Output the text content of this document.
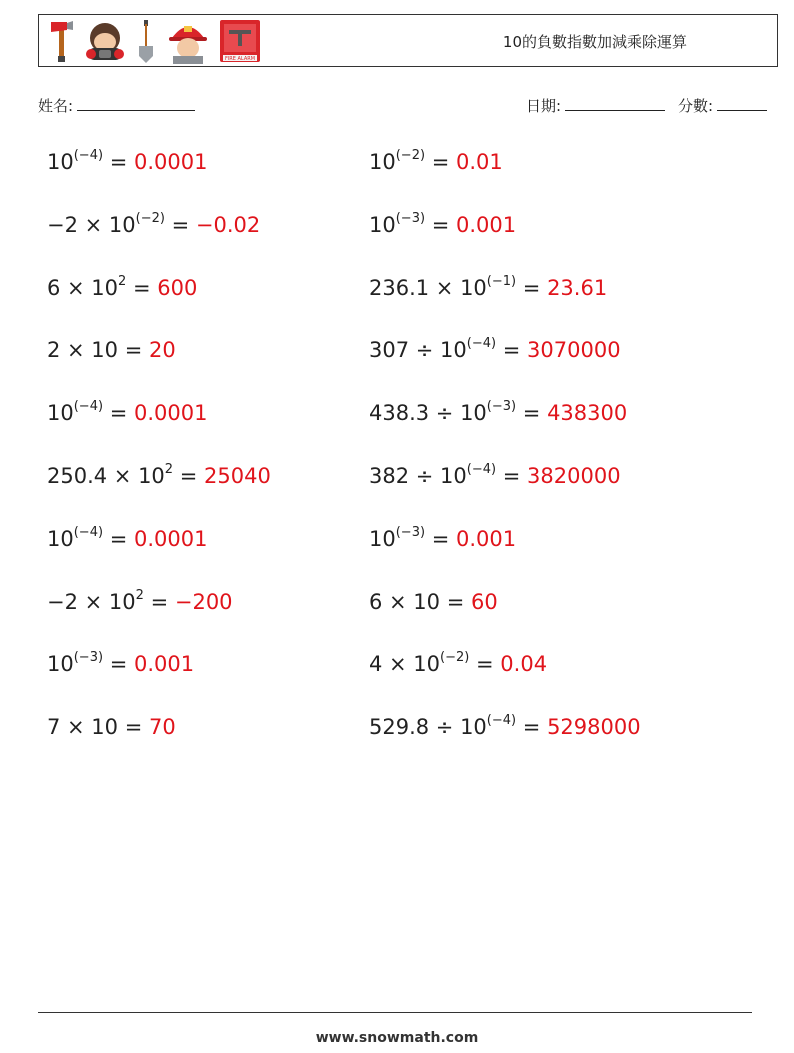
FIRE ALARM
10的負數指數加減乘除運算
姓名:	日期:	分數:
$10^{(-4)} = 0.0001$
$-2 \times 10^{(-2)} = -0.02$
$6 \times 10^2 = 600$
2 × 10 = 20
$10^{(-4)} = 0.0001$
$250.4 \times 10^2 = 25040$
$10^{(-4)} = 0.0001$
$-2 \times 10^2 = -200$
$10^{(-3)} = 0.001$
7 × 10 = 70
$10^{(-2)} = 0.01$
$10^{(-3)} = 0.001$
$236.1 \times 10^{(-1)} = 23.61$
$307 \div 10^{(-4)} = 3070000$
$438.3 \div 10^{(-3)} = 438300$
$382 \div 10^{(-4)} = 3820000$
$10^{(-3)} = 0.001$
6 × 10 = 60
$4 \times 10^{(-2)} = 0.04$
$529.8 \div 10^{(-4)} = 5298000$
www.snowmath.com
